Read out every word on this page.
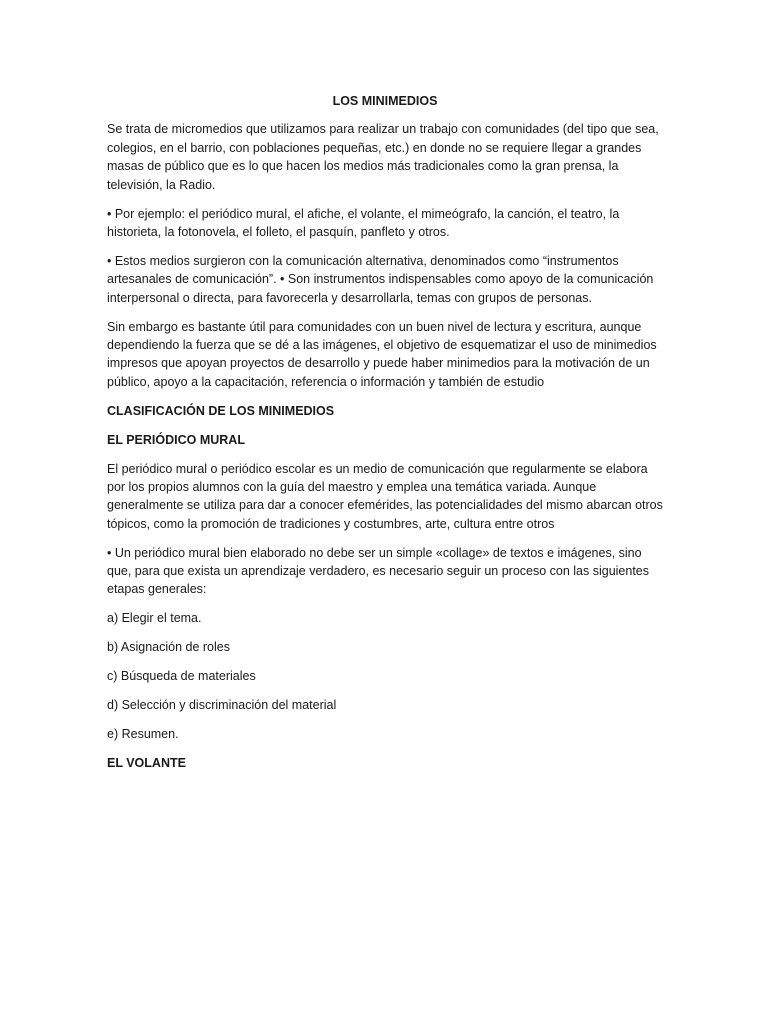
LOS MINIMEDIOS

Se trata de micromedios que utilizamos para realizar un trabajo con comunidades (del tipo que sea, colegios, en el barrio, con poblaciones pequeñas, etc.) en donde no se requiere llegar a grandes masas de público que es lo que hacen los medios más tradicionales como la gran prensa, la televisión, la Radio.

• Por ejemplo: el periódico mural, el afiche, el volante, el mimeógrafo, la canción, el teatro, la historieta, la fotonovela, el folleto, el pasquín, panfleto y otros.

• Estos medios surgieron con la comunicación alternativa, denominados como “instrumentos artesanales de comunicación”. • Son instrumentos indispensables como apoyo de la comunicación interpersonal o directa, para favorecerla y desarrollarla, temas con grupos de personas.

Sin embargo es bastante útil para comunidades con un buen nivel de lectura y escritura, aunque dependiendo la fuerza que se dé a las imágenes, el objetivo de esquematizar el uso de minimedios impresos que apoyan proyectos de desarrollo y puede haber minimedios para la motivación de un público, apoyo a la capacitación, referencia o información y también de estudio

CLASIFICACIÓN DE LOS MINIMEDIOS

EL PERIÓDICO MURAL

El periódico mural o periódico escolar es un medio de comunicación que regularmente se elabora por los propios alumnos con la guía del maestro y emplea una temática variada. Aunque generalmente se utiliza para dar a conocer efemérides, las potencialidades del mismo abarcan otros tópicos, como la promoción de tradiciones y costumbres, arte, cultura entre otros

• Un periódico mural bien elaborado no debe ser un simple «collage» de textos e imágenes, sino que, para que exista un aprendizaje verdadero, es necesario seguir un proceso con las siguientes etapas generales:

a) Elegir el tema.

b) Asignación de roles

c) Búsqueda de materiales

d) Selección y discriminación del material

e) Resumen.

EL VOLANTE
